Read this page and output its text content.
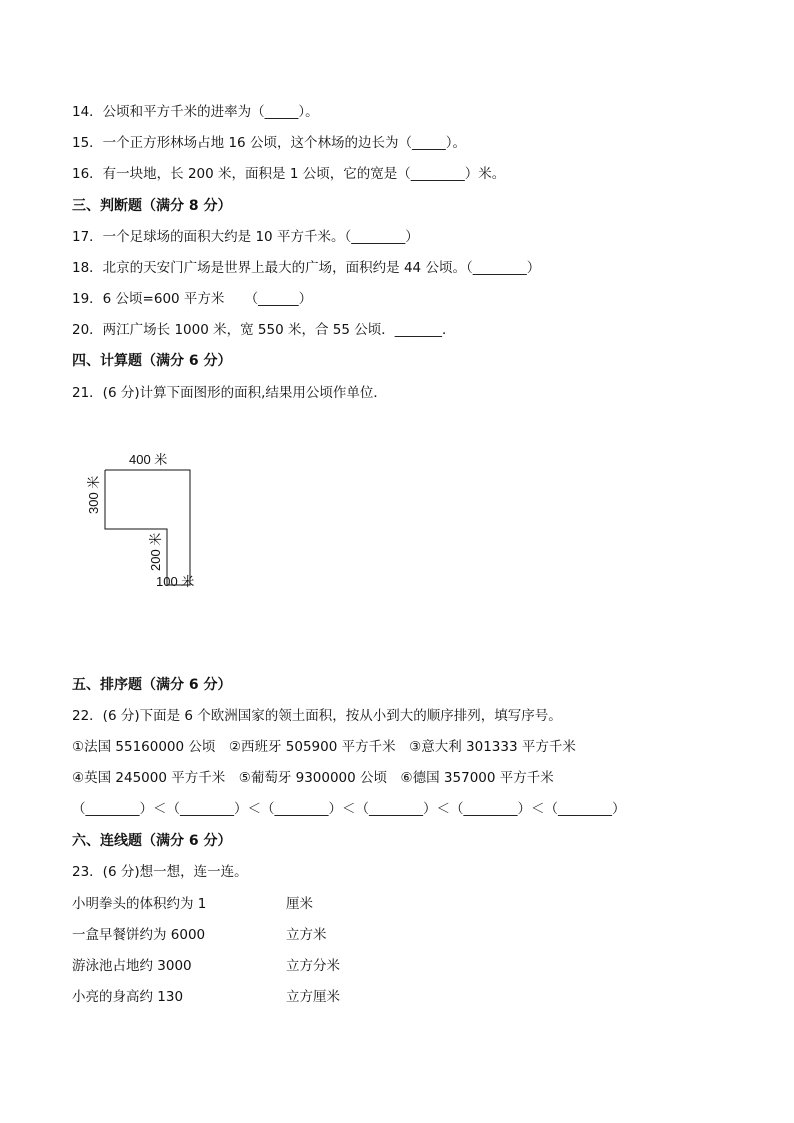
14．公顷和平方千米的进率为（_____）。
15．一个正方形林场占地 16 公顷，这个林场的边长为（_____）。
16．有一块地，长 200 米，面积是 1 公顷，它的宽是（________）米。
三、判断题（满分 8 分）
17．一个足球场的面积大约是 10 平方千米。（________）
18．北京的天安门广场是世界上最大的广场，面积约是 44 公顷。（________）
19．6 公顷=600 平方米　　（______）
20．两江广场长 1000 米，宽 550 米，合 55 公顷．_______．
四、计算题（满分 6 分）
21．(6 分)计算下面图形的面积,结果用公顷作单位．
400 米
300 米
200 米
100 米
五、排序题（满分 6 分）
22．(6 分)下面是 6 个欧洲国家的领土面积，按从小到大的顺序排列，填写序号。
①法国 55160000 公顷　②西班牙 505900 平方千米　③意大利 301333 平方千米
④英国 245000 平方千米　⑤葡萄牙 9300000 公顷　⑥德国 357000 平方千米
（________）＜（________）＜（________）＜（________）＜（________）＜（________）
六、连线题（满分 6 分）
23．(6 分)想一想，连一连。
小明拳头的体积约为 1	厘米
一盒早餐饼约为 6000	立方米
游泳池占地约 3000	立方分米
小亮的身高约 130	立方厘米
